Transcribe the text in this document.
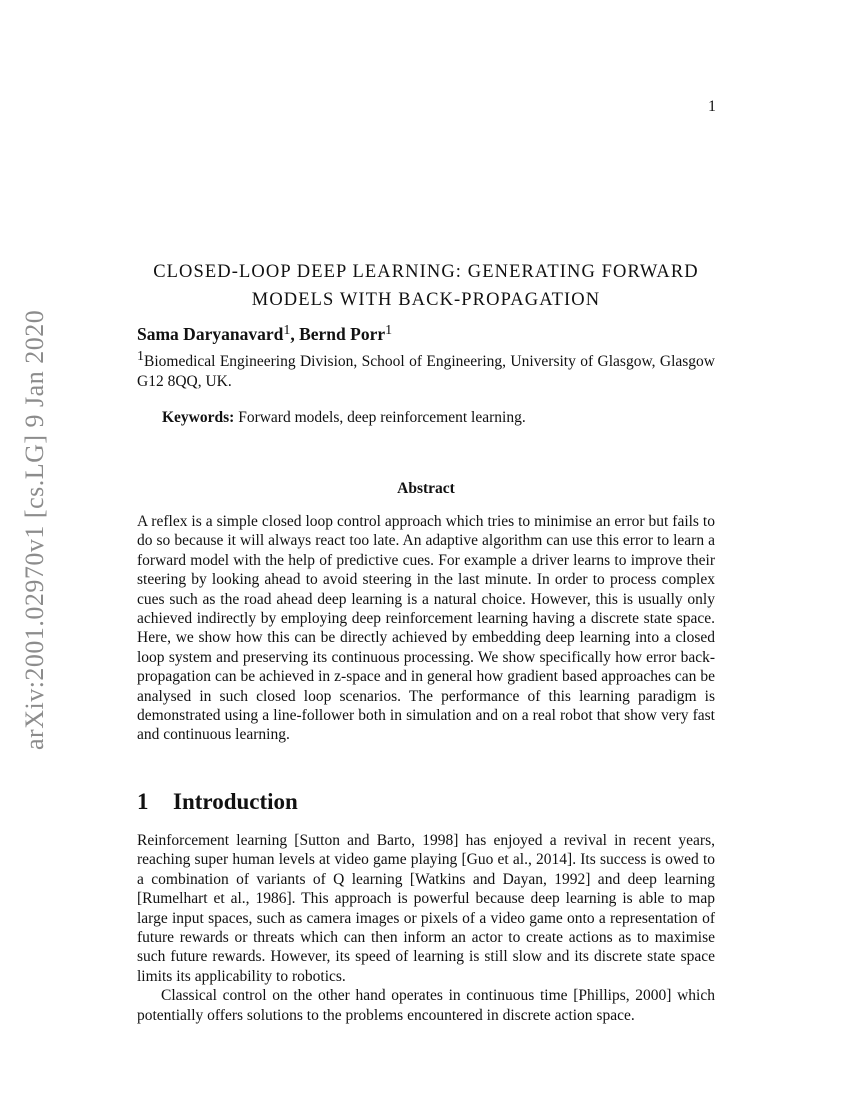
1
arXiv:2001.02970v1 [cs.LG] 9 Jan 2020
CLOSED-LOOP DEEP LEARNING: GENERATING FORWARD MODELS WITH BACK-PROPAGATION
Sama Daryanavard$^1$, Bernd Porr$^1$
$^1$Biomedical Engineering Division, School of Engineering, University of Glasgow, Glasgow G12 8QQ, UK.
Keywords: Forward models, deep reinforcement learning.
Abstract
A reflex is a simple closed loop control approach which tries to minimise an error but fails to do so because it will always react too late. An adaptive algorithm can use this error to learn a forward model with the help of predictive cues. For example a driver learns to improve their steering by looking ahead to avoid steering in the last minute. In order to process complex cues such as the road ahead deep learning is a natural choice. However, this is usually only achieved indirectly by employing deep reinforcement learning having a discrete state space. Here, we show how this can be directly achieved by embedding deep learning into a closed loop system and preserving its continuous processing. We show specifically how error back-propagation can be achieved in z-space and in general how gradient based approaches can be analysed in such closed loop scenarios. The performance of this learning paradigm is demonstrated using a line-follower both in simulation and on a real robot that show very fast and continuous learning.
1 Introduction

Reinforcement learning [Sutton and Barto, 1998] has enjoyed a revival in recent years, reaching super human levels at video game playing [Guo et al., 2014]. Its success is owed to a combination of variants of Q learning [Watkins and Dayan, 1992] and deep learning [Rumelhart et al., 1986]. This approach is powerful because deep learning is able to map large input spaces, such as camera images or pixels of a video game onto a representation of future rewards or threats which can then inform an actor to create actions as to maximise such future rewards. However, its speed of learning is still slow and its discrete state space limits its applicability to robotics.

Classical control on the other hand operates in continuous time [Phillips, 2000] which potentially offers solutions to the problems encountered in discrete action space.
